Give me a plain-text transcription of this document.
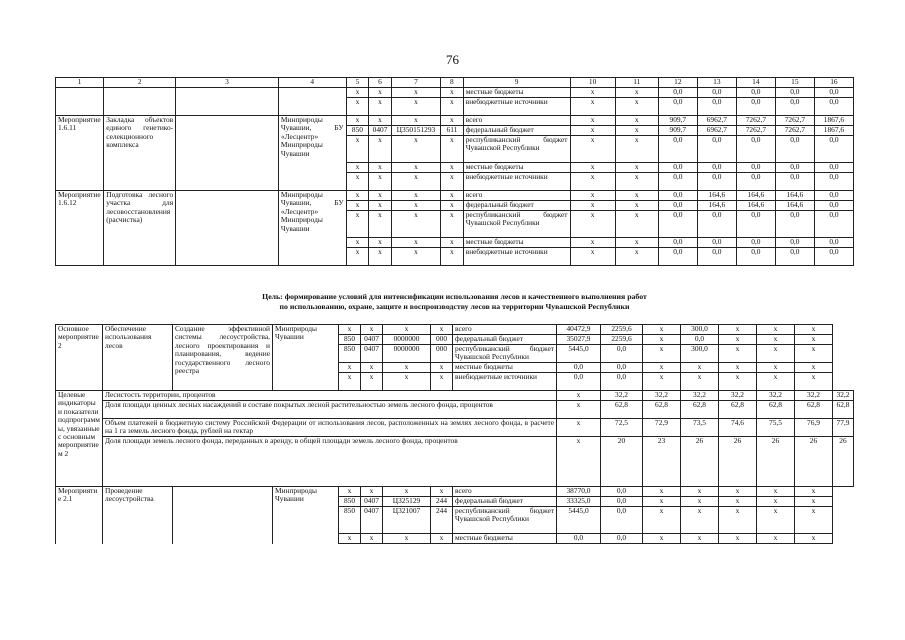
76
1	2	3	4	5	6	7	8	9	10	11	12	13	14	15	16
				х	х	х	х	местные бюджеты	х	х	0,0	0,0	0,0	0,0	0,0
				х	х	х	х	внебюджетные источники	х	х	0,0	0,0	0,0	0,0	0,0
Мероприятие 1.6.11	Закладка объектов единого генетико-селекционного комплекса		Минприроды Чувашии, БУ «Лесцентр» Минприроды Чувашии	х	х	х	х	всего	х	х	909,7	6962,7	7262,7	7262,7	1867,6
				850	0407	Ц350151293	611	федеральный бюджет	х	х	909,7	6962,7	7262,7	7262,7	1867,6
				х	х	х	х	республиканский бюджет Чувашской Республики	х	х	0,0	0,0	0,0	0,0	0,0
				х	х	х	х	местные бюджеты	х	х	0,0	0,0	0,0	0,0	0,0
				х	х	х	х	внебюджетные источники	х	х	0,0	0,0	0,0	0,0	0,0
Мероприятие 1.6.12	Подготовка лесного участка для лесовосстановления (расчистка)		Минприроды Чувашии, БУ «Лесцентр» Минприроды Чувашии	х	х	х	х	всего	х	х	0,0	164,6	164,6	164,6	0,0
				х	х	х	х	федеральный бюджет	х	х	0,0	164,6	164,6	164,6	0,0
				х	х	х	х	республиканский бюджет Чувашской Республики	х	х	0,0	0,0	0,0	0,0	0,0
				х	х	х	х	местные бюджеты	х	х	0,0	0,0	0,0	0,0	0,0
				х	х	х	х	внебюджетные источники	х	х	0,0	0,0	0,0	0,0	0,0
Цель: формирование условий для интенсификации использования лесов и качественного выполнения работ
по использованию, охране, защите и воспроизводству лесов на территории Чувашской Республики
Основное мероприятие 2	Обеспечение использования лесов	Создание эффективной системы лесоустройства, лесного проектирования и планирования, ведение государственного лесного реестра	Минприроды Чувашии	х	х	х	х	всего	40472,9	2259,6	х	300,0	х	х	х	
				850	0407	0000000	000	федеральный бюджет	35027,9	2259,6	х	0,0	х	х	х	
				850	0407	0000000	000	республиканский бюджет Чувашской Республики	5445,0	0,0	х	300,0	х	х	х	
				х	х	х	х	местные бюджеты	0,0	0,0	х	х	х	х	х	
				х	х	х	х	внебюджетные источники	0,0	0,0	х	х	х	х	х	
Целевые индикаторы и показатели подпрограммы, увязанные с основным мероприятием 2	Лесистость территории, процентов								х	32,2	32,2	32,2	32,2	32,2	32,2	32,2
	Доля площади ценных лесных насаждений в составе покрытых лесной растительностью земель лесного фонда, процентов								х	62,8	62,8	62,8	62,8	62,8	62,8	62,8
	Объем платежей в бюджетную систему Российской Федерации от использования лесов, расположенных на землях лесного фонда, в расчете на 1 га земель лесного фонда, рублей на гектар								х	72,5	72,9	73,5	74,6	75,5	76,9	77,9
	Доля площади земель лесного фонда, переданных в аренду, в общей площади земель лесного фонда, процентов								х	20	23	26	26	26	26	26
Мероприятие 2.1	Проведение лесоустройства		Минприроды Чувашии	х	х	х	х	всего	38770,0	0,0	х	х	х	х	х	
				850	0407	Ц325129	244	федеральный бюджет	33325,0	0,0	х	х	х	х	х	
				850	0407	Ц321007	244	республиканский бюджет Чувашской Республики	5445,0	0,0	х	х	х	х	х	
				х	х	х	х	местные бюджеты	0,0	0,0	х	х	х	х	х	
